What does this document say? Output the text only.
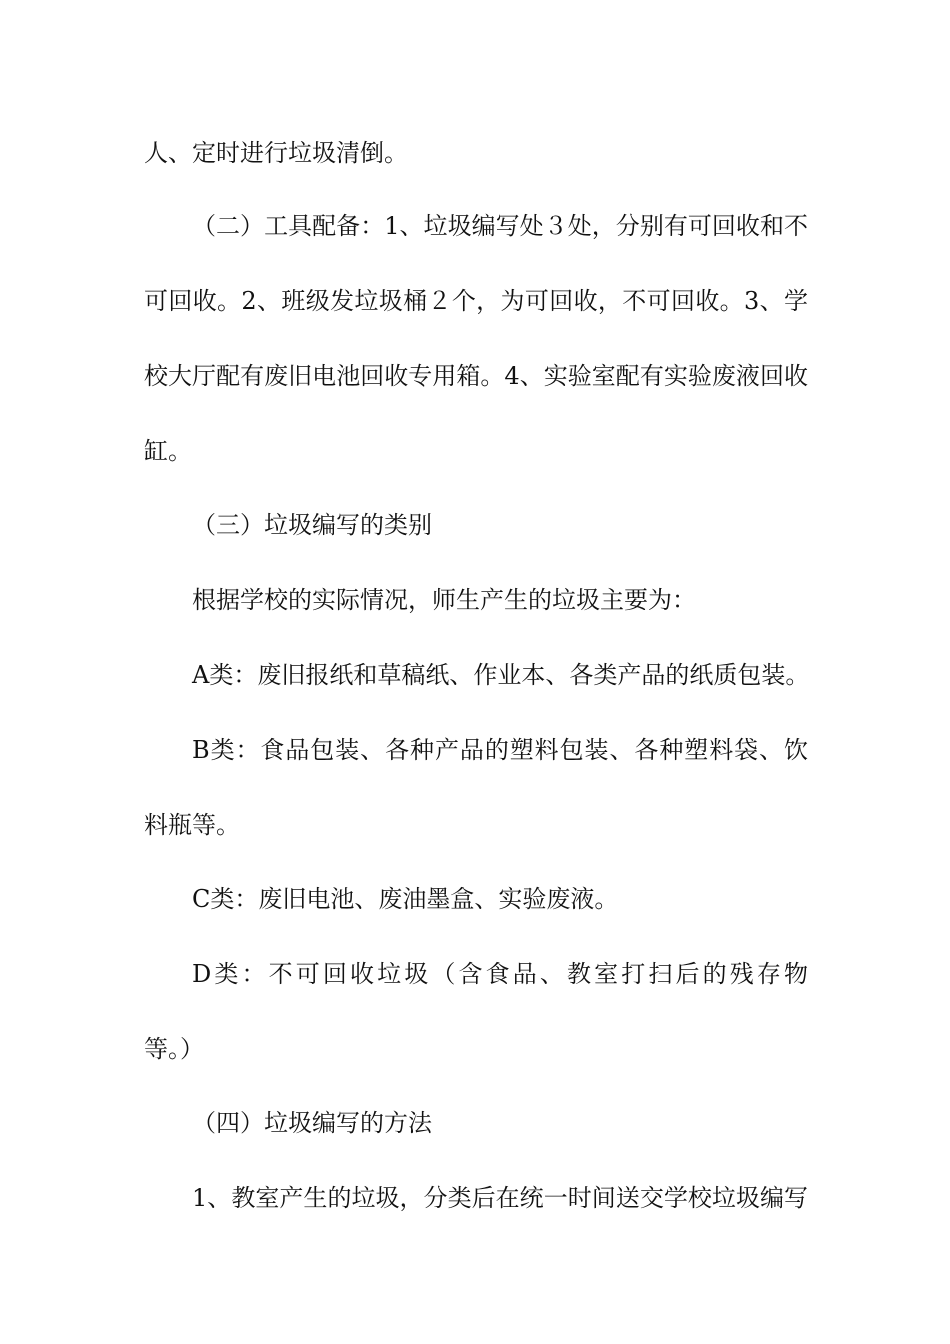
人、定时进行垃圾清倒。
（二）工具配备：1、垃圾编写处３处，分别有可回收和不
可回收。2、班级发垃圾桶２个，为可回收，不可回收。3、学
校大厅配有废旧电池回收专用箱。4、实验室配有实验废液回收
缸。
（三）垃圾编写的类别
根据学校的实际情况，师生产生的垃圾主要为：
A类：废旧报纸和草稿纸、作业本、各类产品的纸质包装。
B类：食品包装、各种产品的塑料包装、各种塑料袋、饮
料瓶等。
C类：废旧电池、废油墨盒、实验废液。
D类：不可回收垃圾（含食品、教室打扫后的残存物
等。）
（四）垃圾编写的方法
1、教室产生的垃圾，分类后在统一时间送交学校垃圾编写
